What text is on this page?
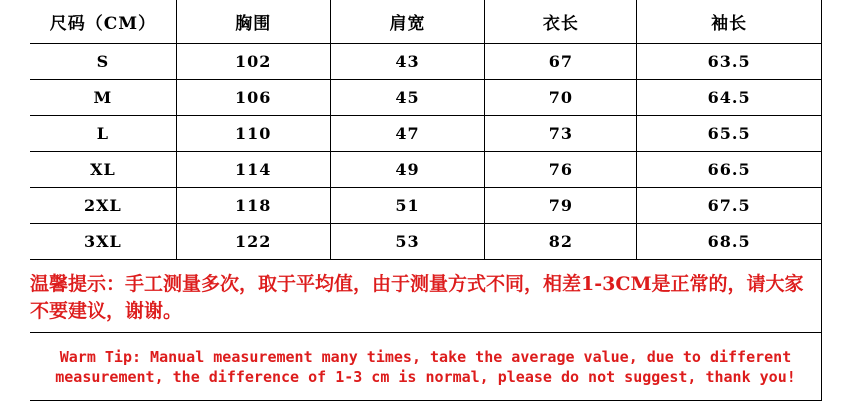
尺码（CM）	胸围	肩宽	衣长	袖长
S	102	43	67	63.5
M	106	45	70	64.5
L	110	47	73	65.5
XL	114	49	76	66.5
2XL	118	51	79	67.5
3XL	122	53	82	68.5
温馨提示：手工测量多次，取于平均值，由于测量方式不同，相差1-3CM是正常的，请大家不要建议，谢谢。
Warm Tip: Manual measurement many times, take the average value, due to different
measurement, the difference of 1-3 cm is normal, please do not suggest, thank you!
